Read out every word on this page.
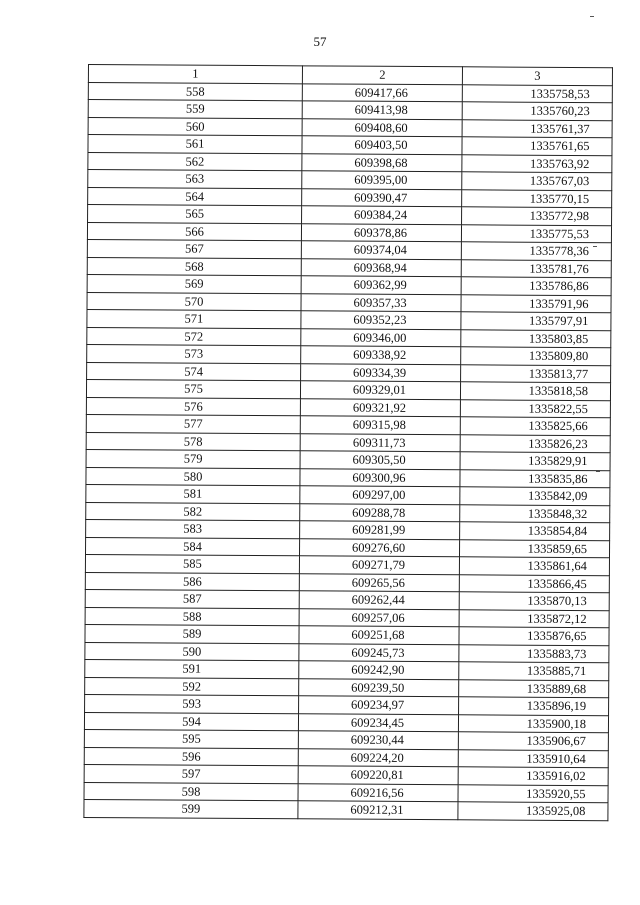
57
1	2	3
558	609417,66	1335758,53
559	609413,98	1335760,23
560	609408,60	1335761,37
561	609403,50	1335761,65
562	609398,68	1335763,92
563	609395,00	1335767,03
564	609390,47	1335770,15
565	609384,24	1335772,98
566	609378,86	1335775,53
567	609374,04	1335778,36
568	609368,94	1335781,76
569	609362,99	1335786,86
570	609357,33	1335791,96
571	609352,23	1335797,91
572	609346,00	1335803,85
573	609338,92	1335809,80
574	609334,39	1335813,77
575	609329,01	1335818,58
576	609321,92	1335822,55
577	609315,98	1335825,66
578	609311,73	1335826,23
579	609305,50	1335829,91
580	609300,96	1335835,86
581	609297,00	1335842,09
582	609288,78	1335848,32
583	609281,99	1335854,84
584	609276,60	1335859,65
585	609271,79	1335861,64
586	609265,56	1335866,45
587	609262,44	1335870,13
588	609257,06	1335872,12
589	609251,68	1335876,65
590	609245,73	1335883,73
591	609242,90	1335885,71
592	609239,50	1335889,68
593	609234,97	1335896,19
594	609234,45	1335900,18
595	609230,44	1335906,67
596	609224,20	1335910,64
597	609220,81	1335916,02
598	609216,56	1335920,55
599	609212,31	1335925,08
